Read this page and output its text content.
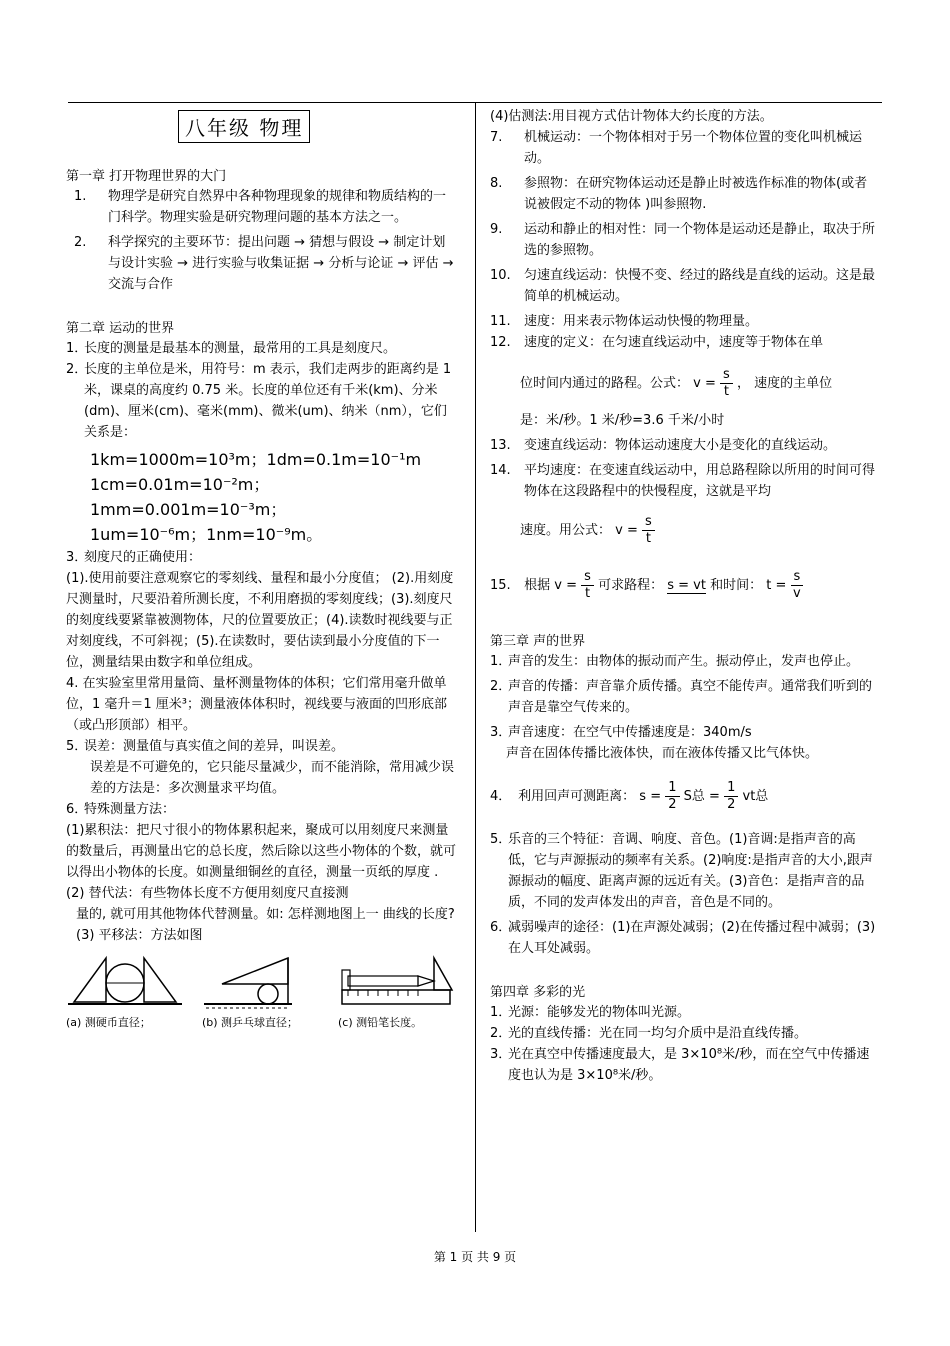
八年级 物理
第一章 打开物理世界的大门
1.	物理学是研究自然界中各种物理现象的规律和物质结构的一门科学。物理实验是研究物理问题的基本方法之一。
2.	科学探究的主要环节：提出问题 → 猜想与假设 → 制定计划与设计实验 → 进行实验与收集证据 → 分析与论证 → 评估 →交流与合作
第二章 运动的世界
1．
长度的测量是最基本的测量，最常用的工具是刻度尺。
2．
长度的主单位是米，用符号：m 表示，我们走两步的距离约是 1 米，课桌的高度约 0.75 米。长度的单位还有千米(km)、分米(dm)、厘米(cm)、毫米(mm)、微米(um)、纳米（nm），它们关系是：
1km=1000m=10³m；1dm=0.1m=10⁻¹m
1cm=0.01m=10⁻²m；1mm=0.001m=10⁻³m；
1um=10⁻⁶m；1nm=10⁻⁹m。
3．
刻度尺的正确使用：
(1).使用前要注意观察它的零刻线、量程和最小分度值； (2).用刻度尺测量时，尺要沿着所测长度，不利用磨损的零刻度线；(3).刻度尺的刻度线要紧靠被测物体，尺的位置要放正；(4).读数时视线要与正对刻度线，不可斜视；(5).在读数时，要估读到最小分度值的下一位，测量结果由数字和单位组成。
4. 在实验室里常用量筒、量杯测量物体的体积；它们常用毫升做单位，1 毫升＝1 厘米³；测量液体体积时，视线要与液面的凹形底部（或凸形顶部）相平。
5．
误差：测量值与真实值之间的差异，叫误差。
误差是不可避免的，它只能尽量减少，而不能消除，常用减少误差的方法是：多次测量求平均值。
6．
特殊测量方法：
(1)累积法：把尺寸很小的物体累积起来，聚成可以用刻度尺来测量的数量后，再测量出它的总长度，然后除以这些小物体的个数，就可以得出小物体的长度。如测量细铜丝的直径，测量一页纸的厚度 .
(2) 替代法：有些物体长度不方便用刻度尺直接测
量的, 就可用其他物体代替测量。如: 怎样测地图上一 曲线的长度?
(3) 平移法：方法如图
(a) 测硬币直径；	(b) 测乒乓球直径；	(c) 测铅笔长度。
(4)估测法:用目视方式估计物体大约长度的方法。
7.	机械运动：一个物体相对于另一个物体位置的变化叫机械运动。
8.	参照物：在研究物体运动还是静止时被选作标准的物体(或者说被假定不动的物体 )叫参照物.
9.	运动和静止的相对性：同一个物体是运动还是静止，取决于所选的参照物。
10.	匀速直线运动：快慢不变、经过的路线是直线的运动。这是最简单的机械运动。
11.	速度：用来表示物体运动快慢的物理量。
12.	速度的定义：在匀速直线运动中，速度等于物体在单
位时间内通过的路程。公式： $v = \frac{s}{t}$ ， 速度的主单位
是：米/秒。1 米/秒=3.6 千米/小时
13.	变速直线运动：物体运动速度大小是变化的直线运动。
14.	平均速度：在变速直线运动中，用总路程除以所用的时间可得物体在这段路程中的快慢程度，这就是平均
速度。用公式： $v = \frac{s}{t}$
15. 根据 $v = \frac{s}{t}$ 可求路程： s = vt 和时间： $t = \frac{s}{v}$
第三章 声的世界
1．
声音的发生：由物体的振动而产生。振动停止，发声也停止。
2．
声音的传播：声音靠介质传播。真空不能传声。通常我们听到的声音是靠空气传来的。
3．
声音速度：在空气中传播速度是：340m/s
声音在固体传播比液体快，而在液体传播又比气体快。
4． 利用回声可测距离： $s = \frac{1}{2}$ S总 = $\frac{1}{2}$ vt总
5．
乐音的三个特征：音调、响度、音色。(1)音调:是指声音的高低，它与声源振动的频率有关系。(2)响度:是指声音的大小,跟声源振动的幅度、距离声源的远近有关。(3)音色：是指声音的品质，不同的发声体发出的声音，音色是不同的。
6．
减弱噪声的途径：(1)在声源处减弱；(2)在传播过程中减弱；(3)在人耳处减弱。
第四章 多彩的光
1．
光源：能够发光的物体叫光源。
2．
光的直线传播：光在同一均匀介质中是沿直线传播。
3．
光在真空中传播速度最大，是 3×10⁸米/秒，而在空气中传播速度也认为是 3×10⁸米/秒。
第 1 页 共 9 页
